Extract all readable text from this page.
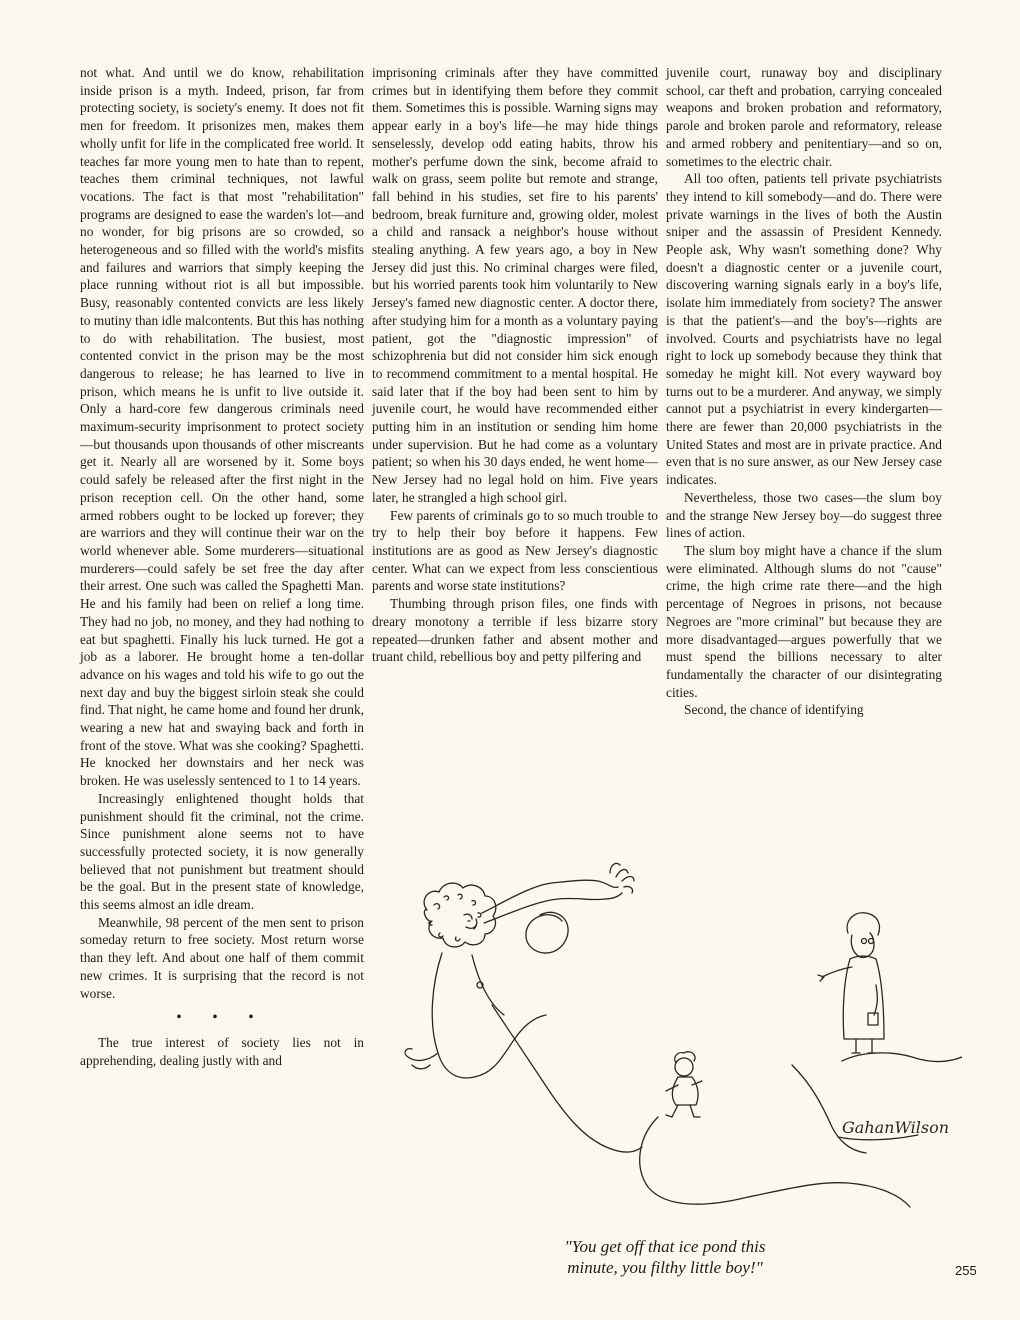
not what. And until we do know, rehabilitation inside prison is a myth. Indeed, prison, far from protecting society, is society's enemy. It does not fit men for freedom. It prisonizes men, makes them wholly unfit for life in the complicated free world. It teaches far more young men to hate than to repent, teaches them criminal techniques, not lawful vocations. The fact is that most "rehabilitation" programs are designed to ease the warden's lot—and no wonder, for big prisons are so crowded, so heterogeneous and so filled with the world's misfits and failures and warriors that simply keeping the place running without riot is all but impossible. Busy, reasonably contented convicts are less likely to mutiny than idle malcontents. But this has nothing to do with rehabilitation. The busiest, most contented convict in the prison may be the most dangerous to release; he has learned to live in prison, which means he is unfit to live outside it. Only a hard-core few dangerous criminals need maximum-security imprisonment to protect society—but thousands upon thousands of other miscreants get it. Nearly all are worsened by it. Some boys could safely be released after the first night in the prison reception cell. On the other hand, some armed robbers ought to be locked up forever; they are warriors and they will continue their war on the world whenever able. Some murderers—situational murderers—could safely be set free the day after their arrest. One such was called the Spaghetti Man. He and his family had been on relief a long time. They had no job, no money, and they had nothing to eat but spaghetti. Finally his luck turned. He got a job as a laborer. He brought home a ten-dollar advance on his wages and told his wife to go out the next day and buy the biggest sirloin steak she could find. That night, he came home and found her drunk, wearing a new hat and swaying back and forth in front of the stove. What was she cooking? Spaghetti. He knocked her downstairs and her neck was broken. He was uselessly sentenced to 1 to 14 years.

Increasingly enlightened thought holds that punishment should fit the criminal, not the crime. Since punishment alone seems not to have successfully protected society, it is now generally believed that not punishment but treatment should be the goal. But in the present state of knowledge, this seems almost an idle dream.

Meanwhile, 98 percent of the men sent to prison someday return to free society. Most return worse than they left. And about one half of them commit new crimes. It is surprising that the record is not worse.

• • •

The true interest of society lies not in apprehending, dealing justly with and

imprisoning criminals after they have committed crimes but in identifying them before they commit them. Sometimes this is possible. Warning signs may appear early in a boy's life—he may hide things senselessly, develop odd eating habits, throw his mother's perfume down the sink, become afraid to walk on grass, seem polite but remote and strange, fall behind in his studies, set fire to his parents' bedroom, break furniture and, growing older, molest a child and ransack a neighbor's house without stealing anything. A few years ago, a boy in New Jersey did just this. No criminal charges were filed, but his worried parents took him voluntarily to New Jersey's famed new diagnostic center. A doctor there, after studying him for a month as a voluntary paying patient, got the "diagnostic impression" of schizophrenia but did not consider him sick enough to recommend commitment to a mental hospital. He said later that if the boy had been sent to him by juvenile court, he would have recommended either putting him in an institution or sending him home under supervision. But he had come as a voluntary patient; so when his 30 days ended, he went home—New Jersey had no legal hold on him. Five years later, he strangled a high school girl.

Few parents of criminals go to so much trouble to try to help their boy before it happens. Few institutions are as good as New Jersey's diagnostic center. What can we expect from less conscientious parents and worse state institutions?

Thumbing through prison files, one finds with dreary monotony a terrible if less bizarre story repeated—drunken father and absent mother and truant child, rebellious boy and petty pilfering and

juvenile court, runaway boy and disciplinary school, car theft and probation, carrying concealed weapons and broken probation and reformatory, parole and broken parole and reformatory, release and armed robbery and penitentiary—and so on, sometimes to the electric chair.

All too often, patients tell private psychiatrists they intend to kill somebody—and do. There were private warnings in the lives of both the Austin sniper and the assassin of President Kennedy. People ask, Why wasn't something done? Why doesn't a diagnostic center or a juvenile court, discovering warning signals early in a boy's life, isolate him immediately from society? The answer is that the patient's—and the boy's—rights are involved. Courts and psychiatrists have no legal right to lock up somebody because they think that someday he might kill. Not every wayward boy turns out to be a murderer. And anyway, we simply cannot put a psychiatrist in every kindergarten—there are fewer than 20,000 psychiatrists in the United States and most are in private practice. And even that is no sure answer, as our New Jersey case indicates.

Nevertheless, those two cases—the slum boy and the strange New Jersey boy—do suggest three lines of action.

The slum boy might have a chance if the slum were eliminated. Although slums do not "cause" crime, the high crime rate there—and the high percentage of Negroes in prisons, not because Negroes are "more criminal" but because they are more disadvantaged—argues powerfully that we must spend the billions necessary to alter fundamentally the character of our disintegrating cities.

Second, the chance of identifying

GahanWilson
"You get off that ice pond this
minute, you filthy little boy!"	255
